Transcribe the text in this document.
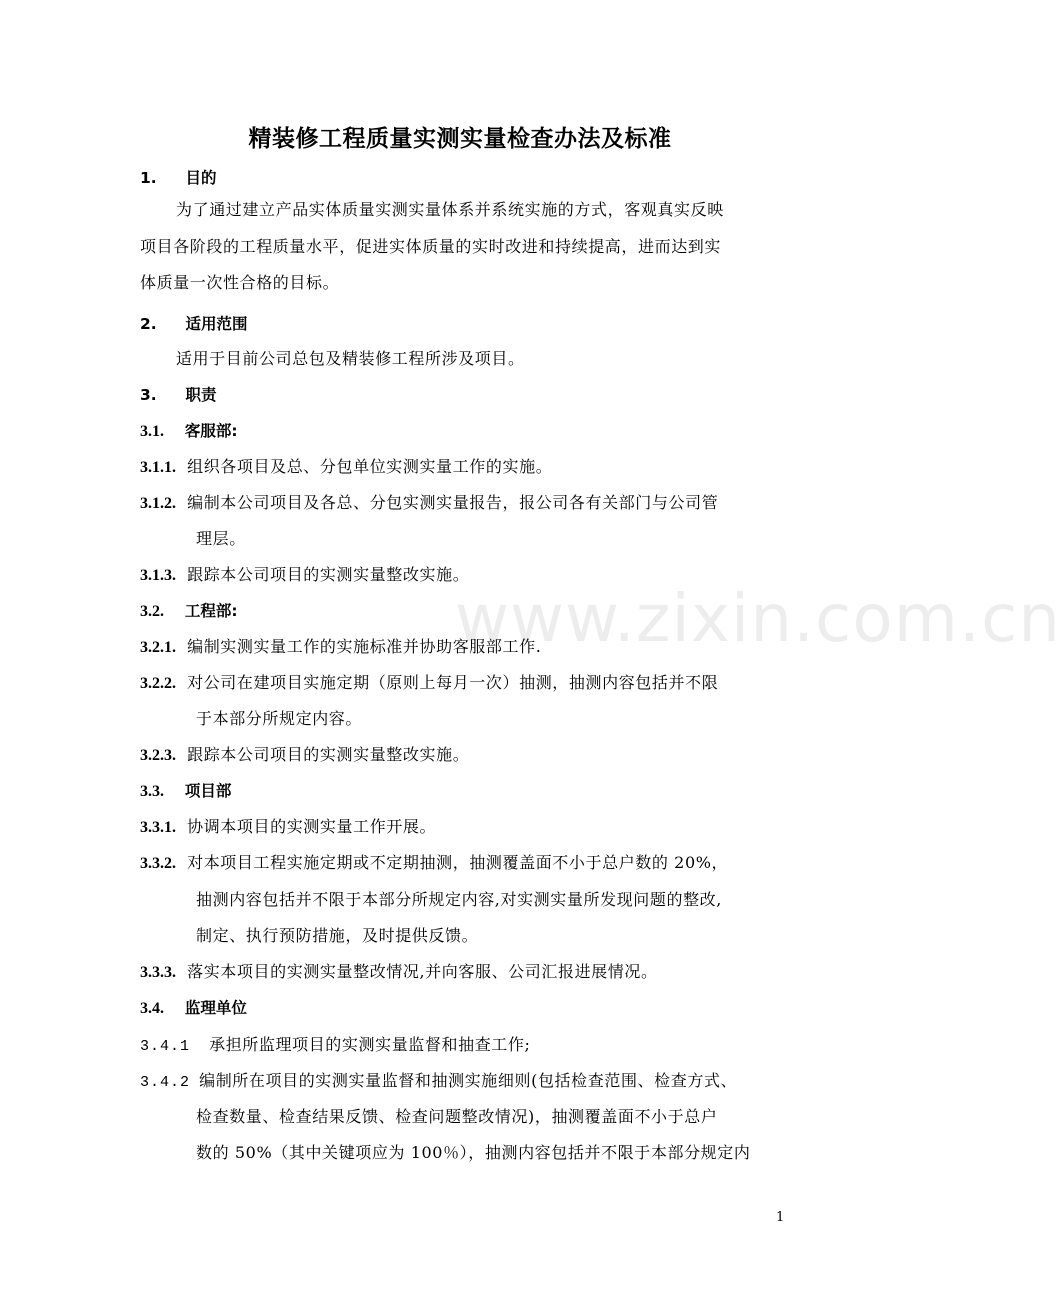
www.zixin.com.cn
精装修工程质量实测实量检查办法及标准
1. 目的
为了通过建立产品实体质量实测实量体系并系统实施的方式，客观真实反映
项目各阶段的工程质量水平，促进实体质量的实时改进和持续提高，进而达到实
体质量一次性合格的目标。
2. 适用范围
适用于目前公司总包及精装修工程所涉及项目。
3. 职责
3.1. 客服部:
3.1.1. 组织各项目及总、分包单位实测实量工作的实施。
3.1.2. 编制本公司项目及各总、分包实测实量报告，报公司各有关部门与公司管
理层。
3.1.3. 跟踪本公司项目的实测实量整改实施。
3.2. 工程部:
3.2.1. 编制实测实量工作的实施标准并协助客服部工作.
3.2.2. 对公司在建项目实施定期（原则上每月一次）抽测，抽测内容包括并不限
于本部分所规定内容。
3.2.3. 跟踪本公司项目的实测实量整改实施。
3.3. 项目部
3.3.1. 协调本项目的实测实量工作开展。
3.3.2. 对本项目工程实施定期或不定期抽测，抽测覆盖面不小于总户数的 20%，
抽测内容包括并不限于本部分所规定内容,对实测实量所发现问题的整改,
制定、执行预防措施，及时提供反馈。
3.3.3. 落实本项目的实测实量整改情况,并向客服、公司汇报进展情况。
3.4. 监理单位
3.4.1 承担所监理项目的实测实量监督和抽查工作;
3.4.2 编制所在项目的实测实量监督和抽测实施细则(包括检查范围、检查方式、
检查数量、检查结果反馈、检查问题整改情况)，抽测覆盖面不小于总户
数的 50%（其中关键项应为 100％），抽测内容包括并不限于本部分规定内
1
